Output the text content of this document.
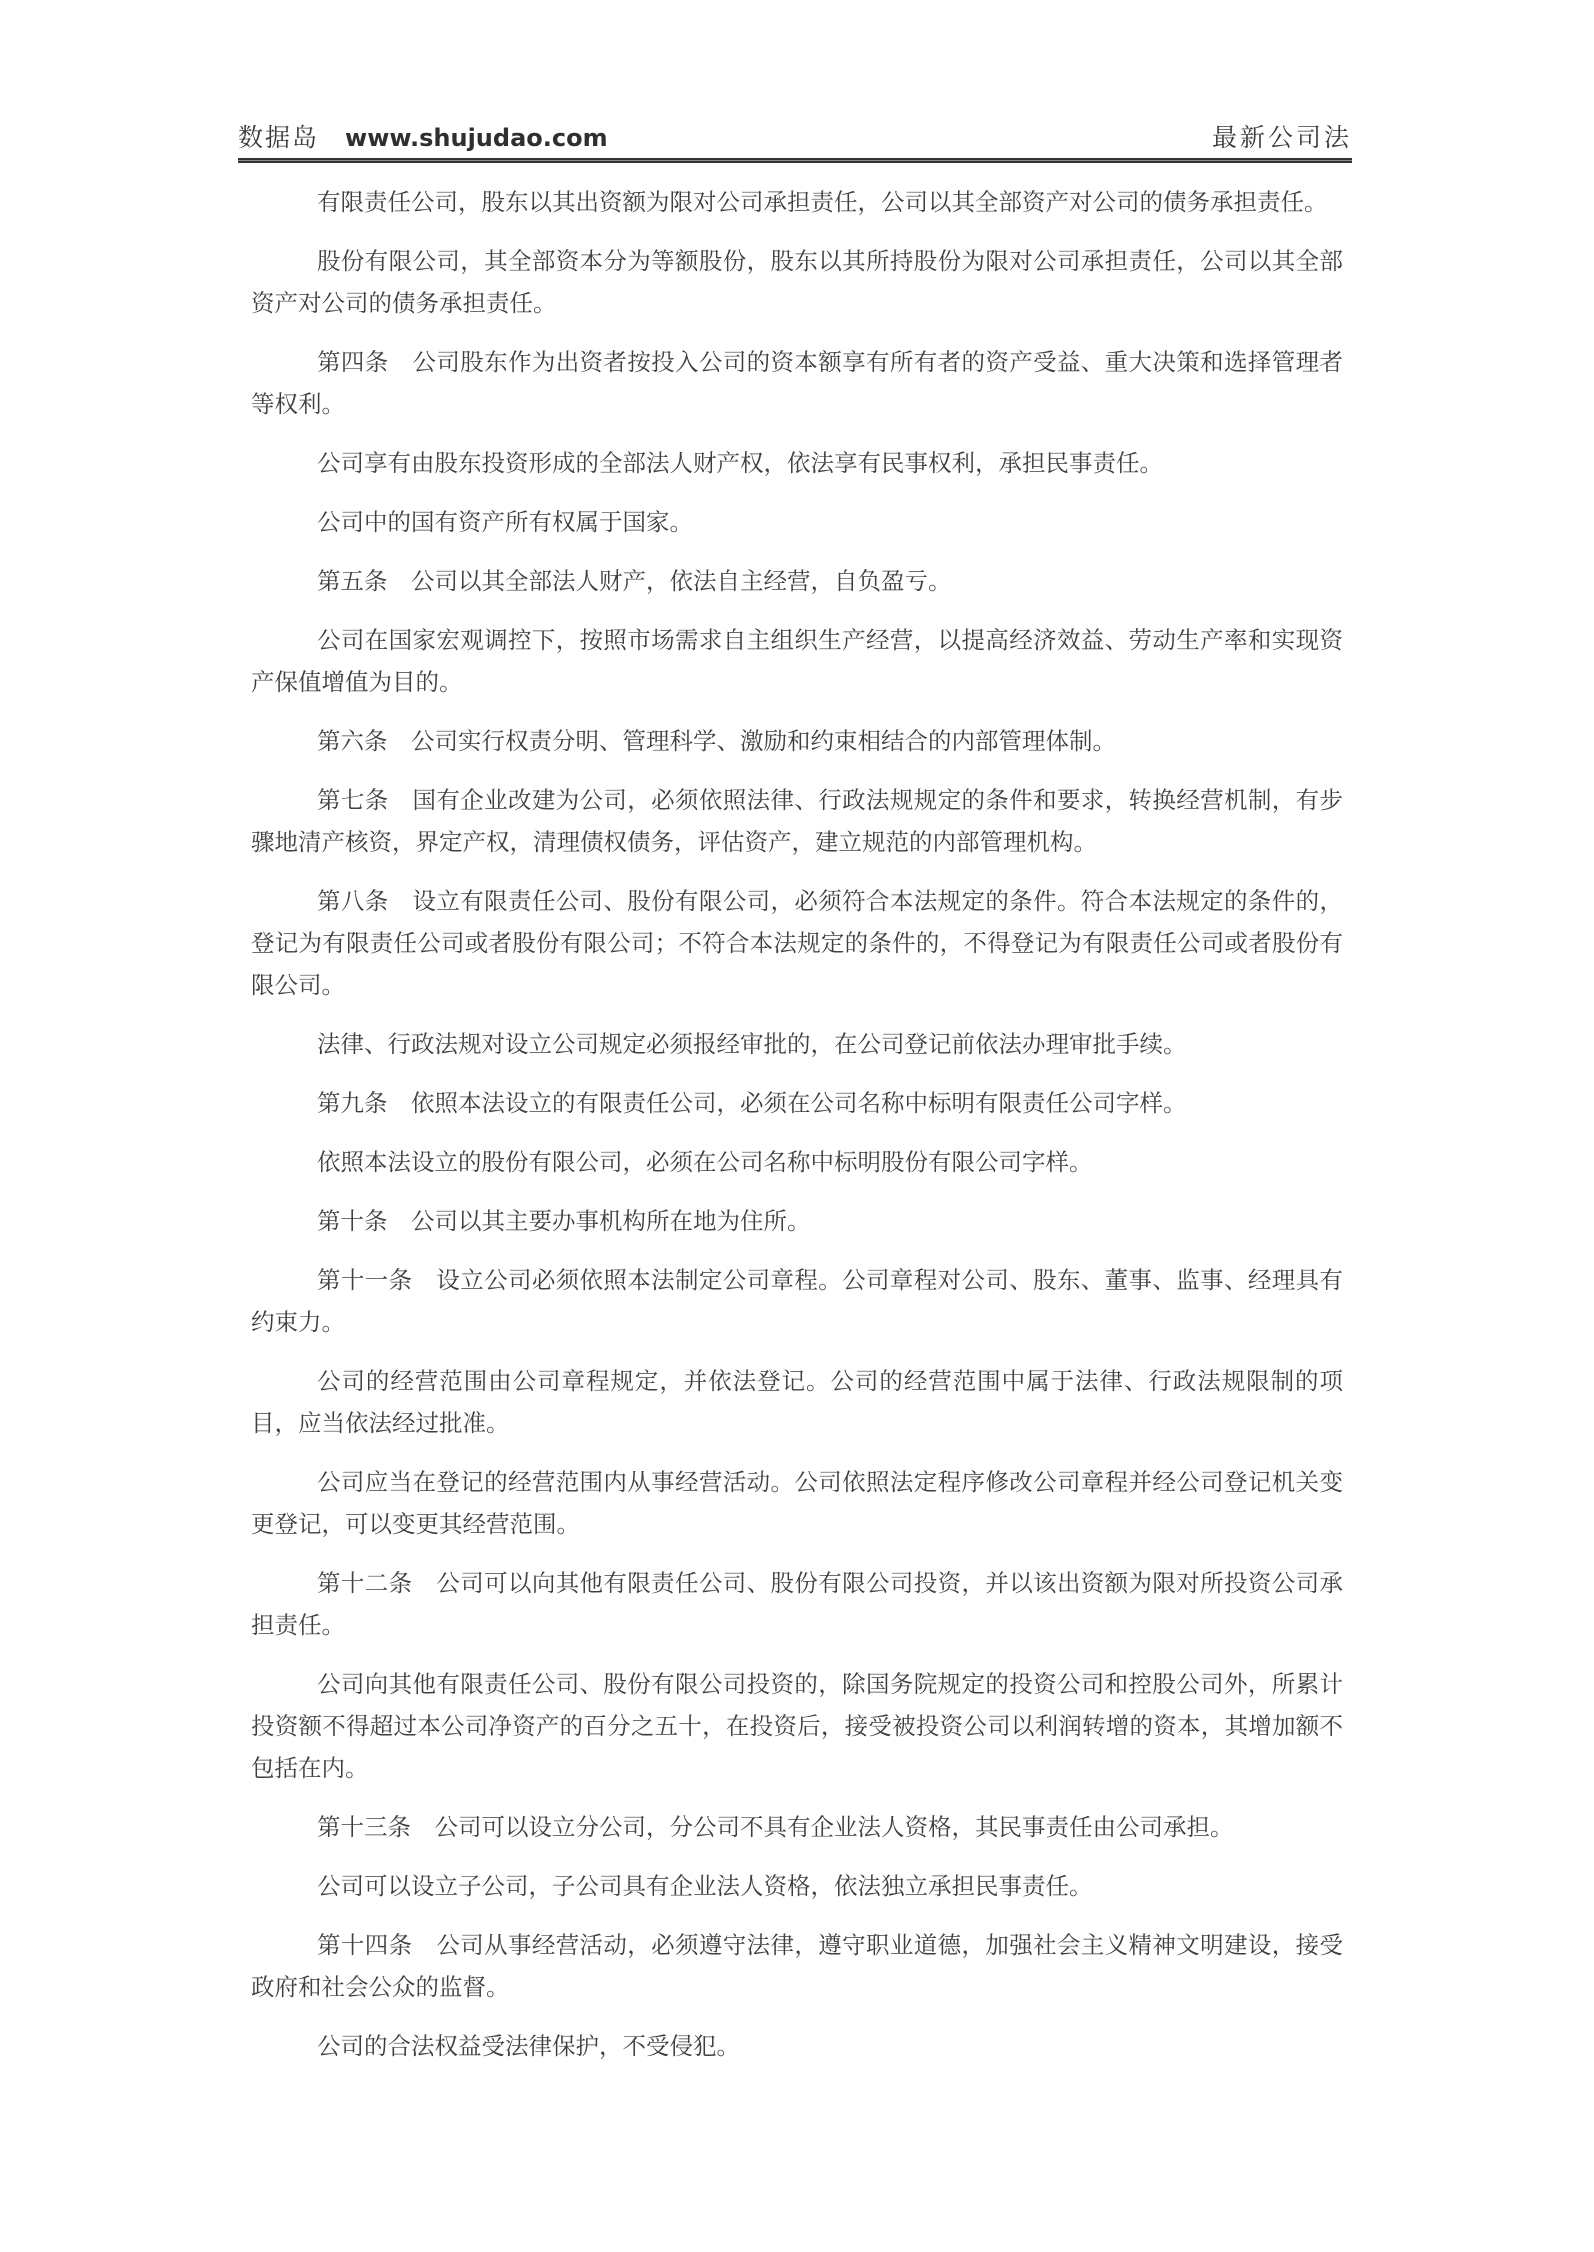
数据岛 www.shujudao.com	最新公司法

有限责任公司，股东以其出资额为限对公司承担责任，公司以其全部资产对公司的债务承担责任。

股份有限公司，其全部资本分为等额股份，股东以其所持股份为限对公司承担责任，公司以其全部资产对公司的债务承担责任。

第四条　公司股东作为出资者按投入公司的资本额享有所有者的资产受益、重大决策和选择管理者等权利。

公司享有由股东投资形成的全部法人财产权，依法享有民事权利，承担民事责任。

公司中的国有资产所有权属于国家。

第五条　公司以其全部法人财产，依法自主经营，自负盈亏。

公司在国家宏观调控下，按照市场需求自主组织生产经营，以提高经济效益、劳动生产率和实现资产保值增值为目的。

第六条　公司实行权责分明、管理科学、激励和约束相结合的内部管理体制。

第七条　国有企业改建为公司，必须依照法律、行政法规规定的条件和要求，转换经营机制，有步骤地清产核资，界定产权，清理债权债务，评估资产，建立规范的内部管理机构。

第八条　设立有限责任公司、股份有限公司，必须符合本法规定的条件。符合本法规定的条件的，登记为有限责任公司或者股份有限公司；不符合本法规定的条件的，不得登记为有限责任公司或者股份有限公司。

法律、行政法规对设立公司规定必须报经审批的，在公司登记前依法办理审批手续。

第九条　依照本法设立的有限责任公司，必须在公司名称中标明有限责任公司字样。

依照本法设立的股份有限公司，必须在公司名称中标明股份有限公司字样。

第十条　公司以其主要办事机构所在地为住所。

第十一条　设立公司必须依照本法制定公司章程。公司章程对公司、股东、董事、监事、经理具有约束力。

公司的经营范围由公司章程规定，并依法登记。公司的经营范围中属于法律、行政法规限制的项目，应当依法经过批准。

公司应当在登记的经营范围内从事经营活动。公司依照法定程序修改公司章程并经公司登记机关变更登记，可以变更其经营范围。

第十二条　公司可以向其他有限责任公司、股份有限公司投资，并以该出资额为限对所投资公司承担责任。

公司向其他有限责任公司、股份有限公司投资的，除国务院规定的投资公司和控股公司外，所累计投资额不得超过本公司净资产的百分之五十，在投资后，接受被投资公司以利润转增的资本，其增加额不包括在内。

第十三条　公司可以设立分公司，分公司不具有企业法人资格，其民事责任由公司承担。

公司可以设立子公司，子公司具有企业法人资格，依法独立承担民事责任。

第十四条　公司从事经营活动，必须遵守法律，遵守职业道德，加强社会主义精神文明建设，接受政府和社会公众的监督。

公司的合法权益受法律保护，不受侵犯。
